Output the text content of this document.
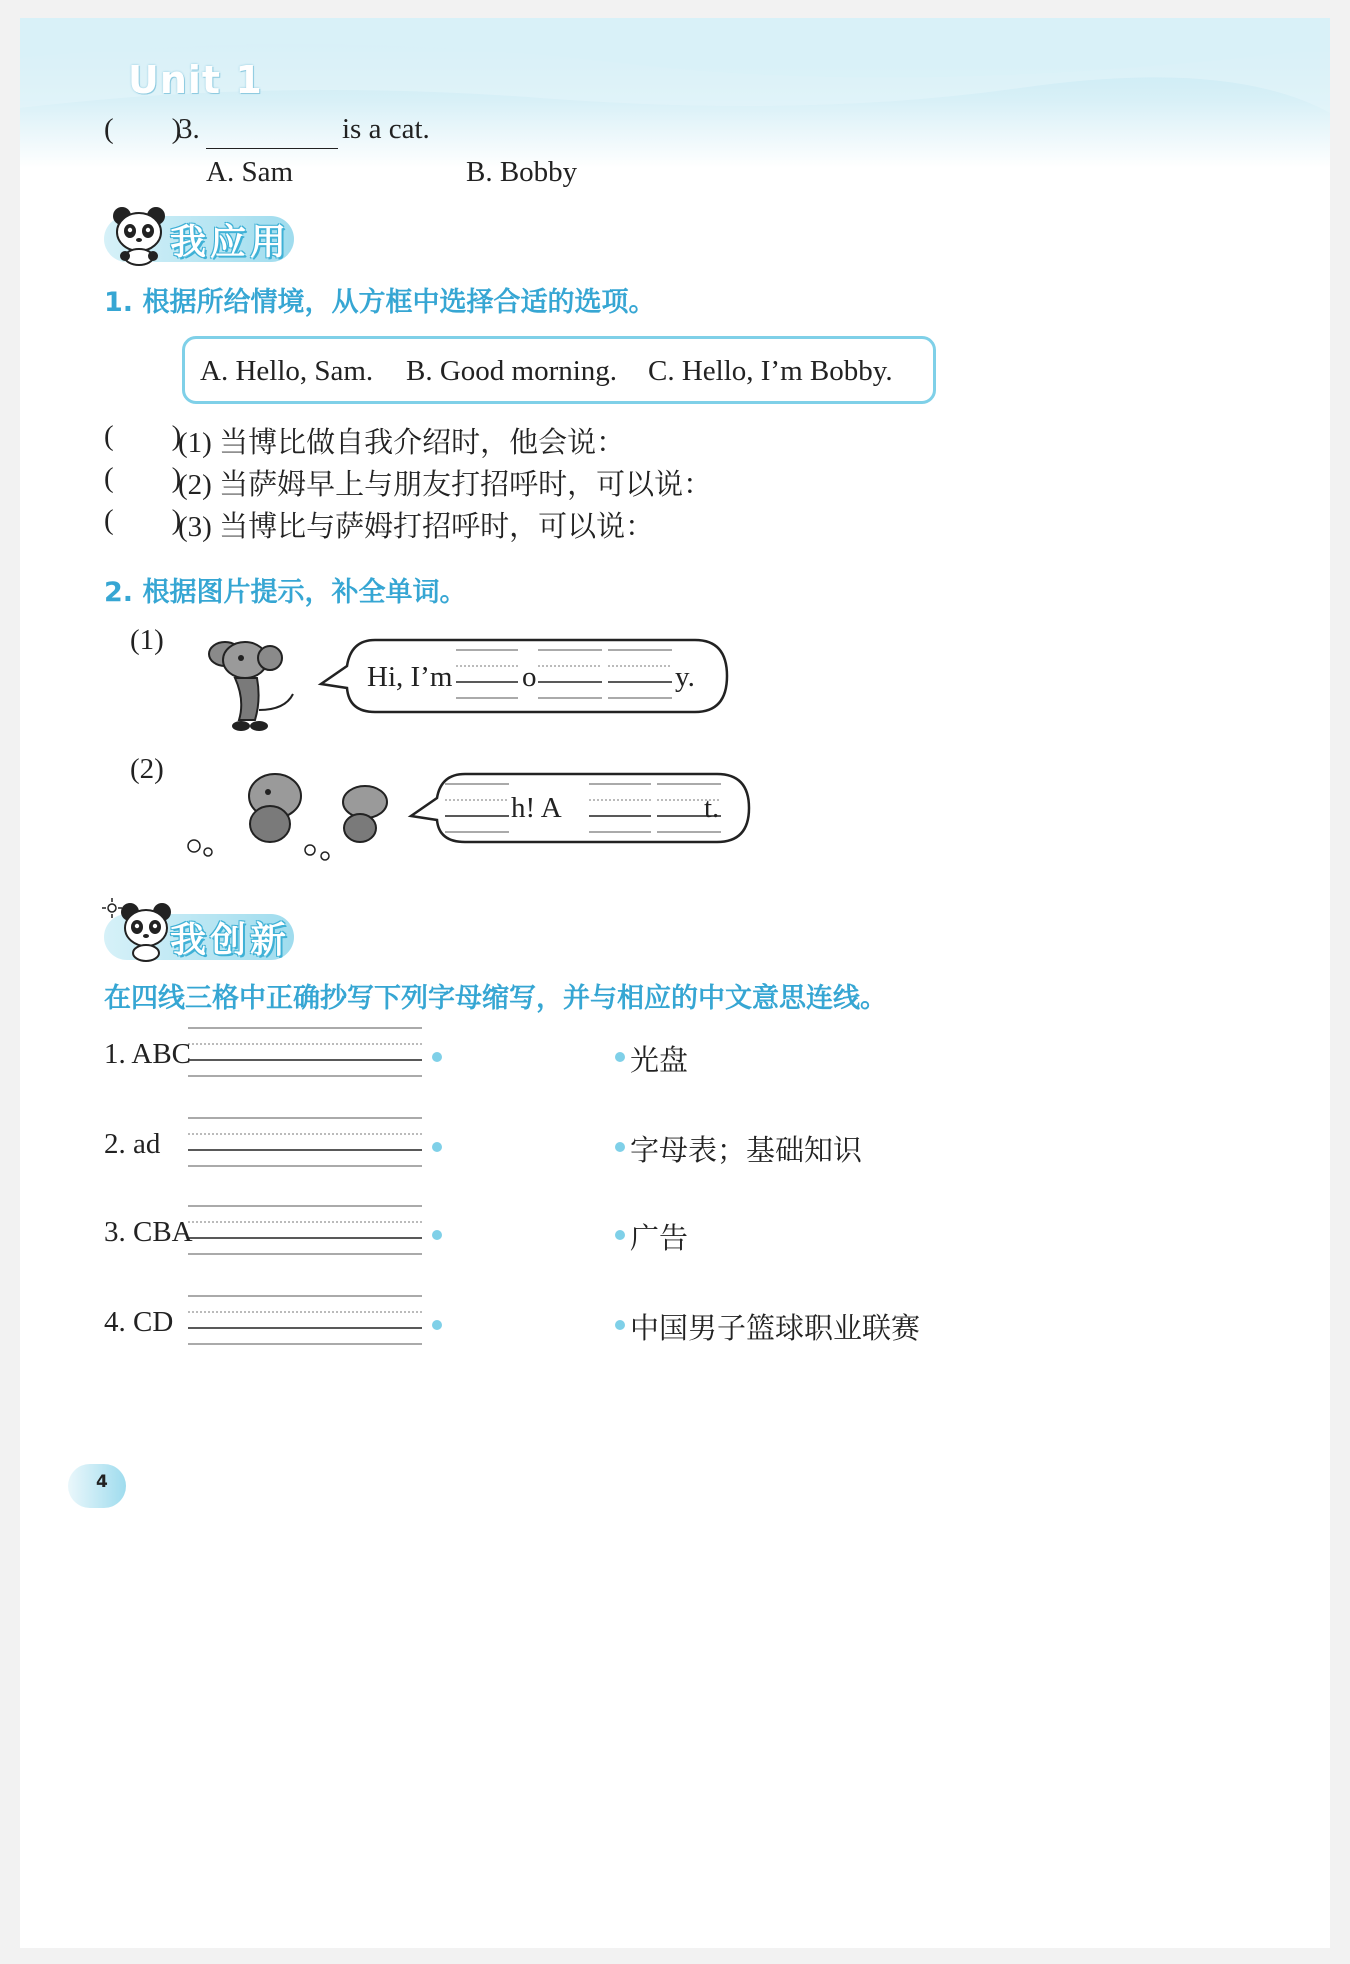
Unit 1
(        )
3.	is a cat.
A. Sam	B. Bobby
我应用
1. 根据所给情境，从方框中选择合适的选项。
A. Hello, Sam. B. Good morning. C. Hello, I’m Bobby.
(        )
(1) 当博比做自我介绍时，他会说：
(        )
(2) 当萨姆早上与朋友打招呼时，可以说：
(        )
(3) 当博比与萨姆打招呼时，可以说：
2. 根据图片提示，补全单词。
(1)
Hi, I’m o	y.
(2)
h! A	t.
我创新
在四线三格中正确抄写下列字母缩写，并与相应的中文意思连线。
1. ABC	光盘
2. ad	字母表；基础知识
3. CBA	广告
4. CD	中国男子篮球职业联赛
4
